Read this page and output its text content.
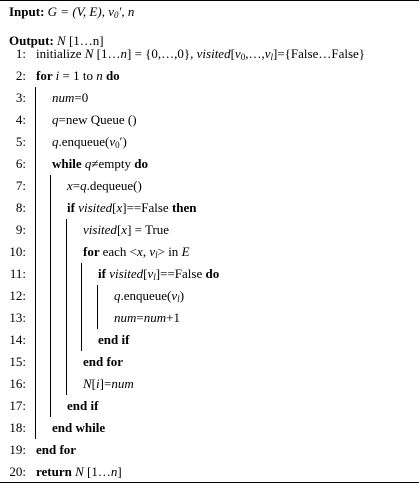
Input: G = (V, E), $v_0'$, n
Output: N [1…n]
1: initialize N [1…n] = {0,…,0}, $visited[v_0,\dots,v_l]=\{False\dots False\}$
2: for i = 1 to n do
3: num=0
4: q=new Queue ()
5: $q.enqueue(v_0')$
6: while q≠empty do
7:	x=q.dequeue()
8:	if visited[x]==False then
9:	visited[x] = True
10:	for each <x, $v_l>$ in E
11:	if $visited[v_l]==False$ do
12:	$q.enqueue(v_l)$
13:	num=num+1
14:	end if
15:	end for
16:	N[i]=num
17:	end if
18: end while
19: end for
20: return N [1…n]
